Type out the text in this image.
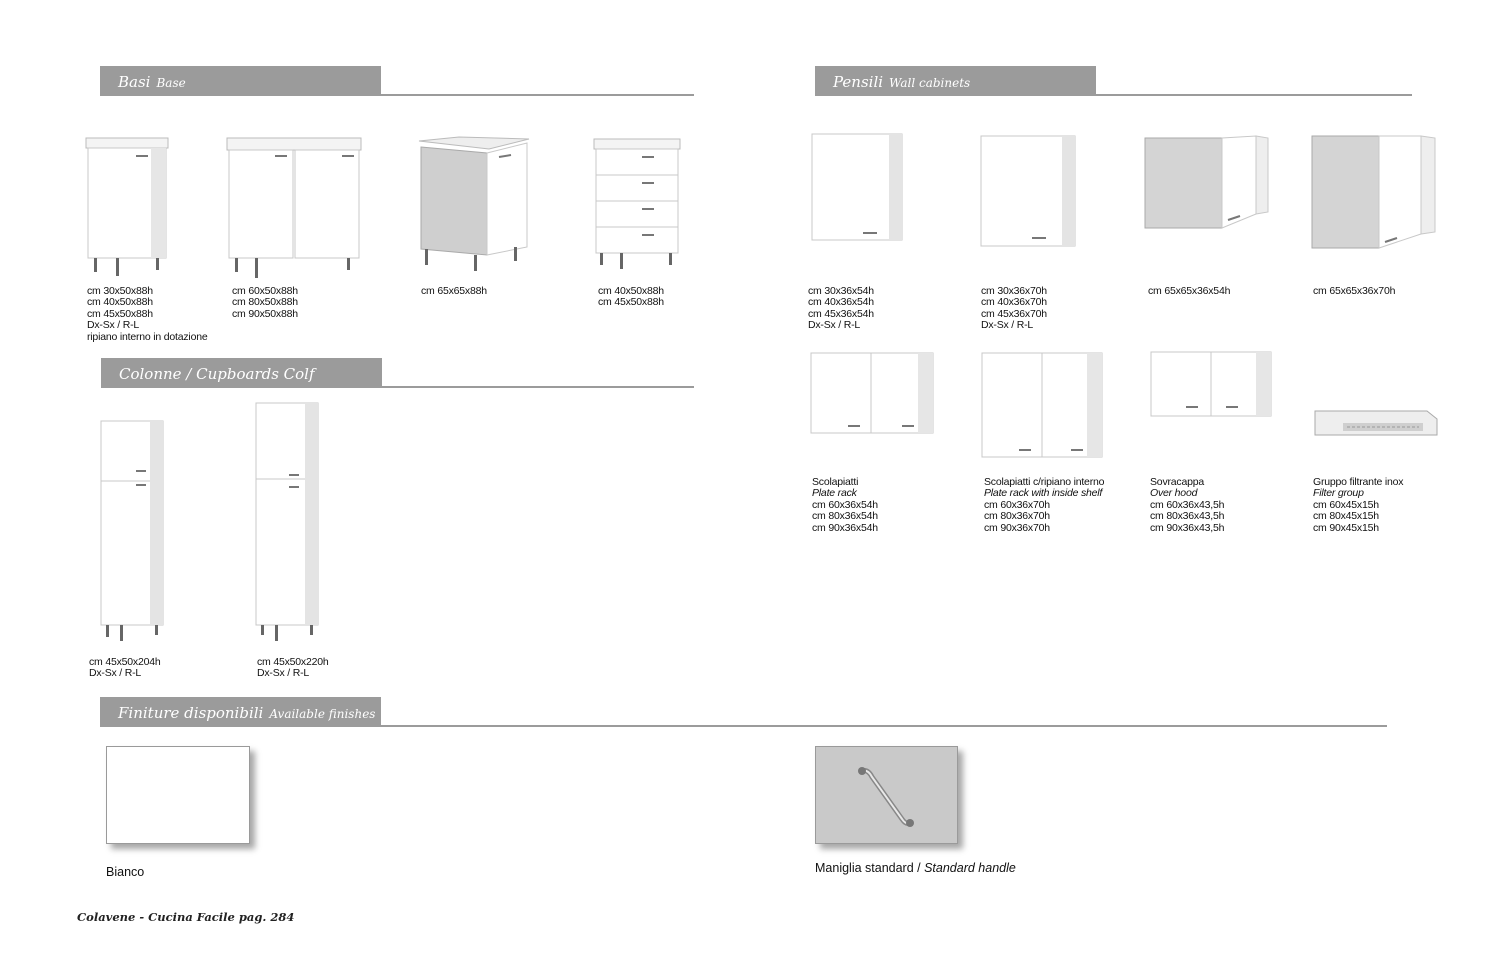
Basi Base	Pensili Wall cabinets
Colonne / Cupboards Colf
Finiture disponibili Available finishes
cm 30x50x88h
cm 40x50x88h
cm 45x50x88h
Dx-Sx / R-L
ripiano interno in dotazione
cm 60x50x88h
cm 80x50x88h
cm 90x50x88h
cm 65x65x88h	cm 40x50x88h
cm 45x50x88h
cm 45x50x204h
Dx-Sx / R-L
cm 45x50x220h
Dx-Sx / R-L
cm 30x36x54h
cm 40x36x54h
cm 45x36x54h
Dx-Sx / R-L
cm 30x36x70h
cm 40x36x70h
cm 45x36x70h
Dx-Sx / R-L
cm 65x65x36x54h	cm 65x65x36x70h
Scolapiatti
Plate rack
cm 60x36x54h
cm 80x36x54h
cm 90x36x54h
Scolapiatti c/ripiano interno
Plate rack with inside shelf
cm 60x36x70h
cm 80x36x70h
cm 90x36x70h
Sovracappa
Over hood
cm 60x36x43,5h
cm 80x36x43,5h
cm 90x36x43,5h
Gruppo filtrante inox
Filter group
cm 60x45x15h
cm 80x45x15h
cm 90x45x15h
Bianco	Maniglia standard / Standard handle
Colavene - Cucina Facile pag. 284
